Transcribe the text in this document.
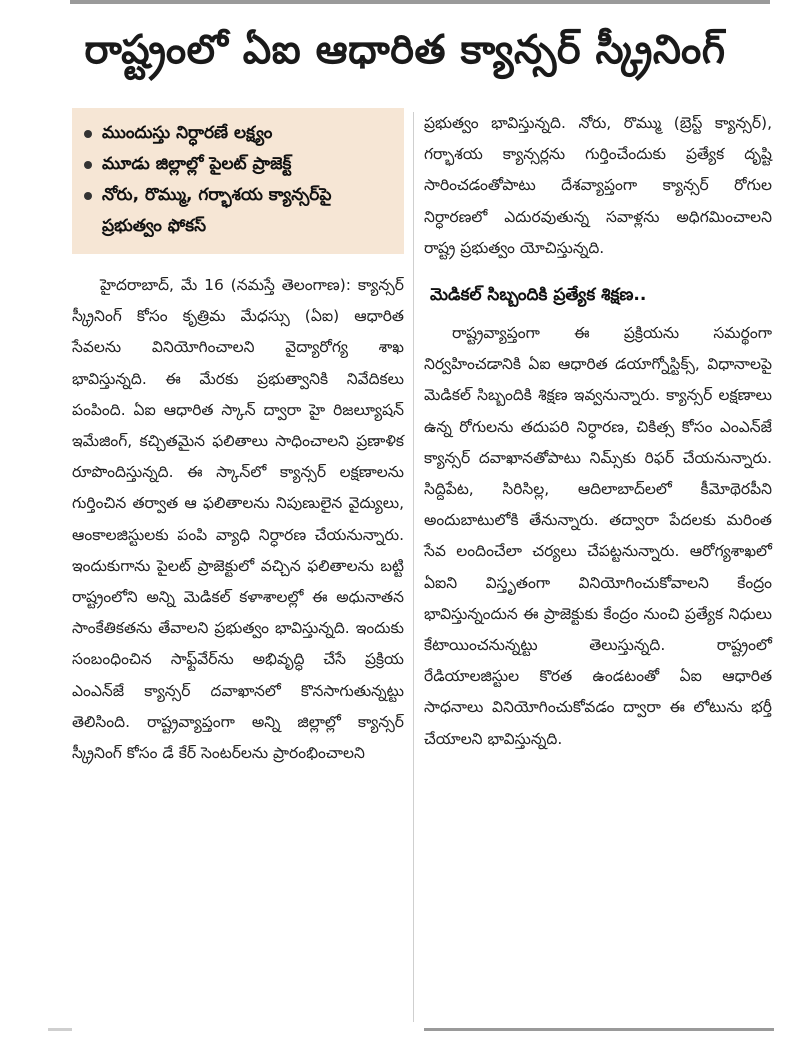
రాష్ట్రంలో ఏఐ ఆధారిత క్యాన్సర్ స్క్రీనింగ్
ముందుస్తు నిర్ధారణే లక్ష్యం
మూడు జిల్లాల్లో పైలట్ ప్రాజెక్ట్
నోరు, రొమ్ము, గర్భాశయ క్యాన్సర్‌పై ప్రభుత్వం ఫోకస్

హైదరాబాద్, మే 16 (నమస్తే తెలంగాణ): క్యాన్సర్ స్క్రీనింగ్ కోసం కృత్రిమ మేధస్సు (ఏఐ) ఆధారిత సేవలను వినియోగించాలని వైద్యారోగ్య శాఖ భావిస్తున్నది. ఈ మేరకు ప్రభుత్వానికి నివేదికలు పంపింది. ఏఐ ఆధారిత స్కాన్ ద్వారా హై రిజల్యూషన్ ఇమేజింగ్, కచ్చితమైన ఫలితాలు సాధించాలని ప్రణాళిక రూపొందిస్తున్నది. ఈ స్కాన్‌లో క్యాన్సర్ లక్షణాలను గుర్తించిన తర్వాత ఆ ఫలితాలను నిపుణులైన వైద్యులు, ఆంకాలజిస్టులకు పంపి వ్యాధి నిర్ధారణ చేయనున్నారు. ఇందుకుగాను పైలట్ ప్రాజెక్టులో వచ్చిన ఫలితాలను బట్టి రాష్ట్రంలోని అన్ని మెడికల్ కళాశాలల్లో ఈ అధునాతన సాంకేతికతను తేవాలని ప్రభుత్వం భావిస్తున్నది. ఇందుకు సంబంధించిన సాఫ్ట్‌వేర్‌ను అభివృద్ధి చేసే ప్రక్రియ ఎంఎన్‌జే క్యాన్సర్ దవాఖానలో కొనసాగుతున్నట్టు తెలిసింది. రాష్ట్రవ్యాప్తంగా అన్ని జిల్లాల్లో క్యాన్సర్ స్క్రీనింగ్ కోసం డే కేర్ సెంటర్‌లను ప్రారంభించాలని

ప్రభుత్వం భావిస్తున్నది. నోరు, రొమ్ము (బ్రెస్ట్ క్యాన్సర్), గర్భాశయ క్యాన్సర్లను గుర్తించేందుకు ప్రత్యేక దృష్టి సారించడంతోపాటు దేశవ్యాప్తంగా క్యాన్సర్ రోగుల నిర్ధారణలో ఎదురవుతున్న సవాళ్లను అధిగమించాలని రాష్ట్ర ప్రభుత్వం యోచిస్తున్నది.

మెడికల్ సిబ్బందికి ప్రత్యేక శిక్షణ..

రాష్ట్రవ్యాప్తంగా ఈ ప్రక్రియను సమర్థంగా నిర్వహించడానికి ఏఐ ఆధారిత డయాగ్నోస్టిక్స్, విధానాలపై మెడికల్ సిబ్బందికి శిక్షణ ఇవ్వనున్నారు. క్యాన్సర్ లక్షణాలు ఉన్న రోగులను తదుపరి నిర్ధారణ, చికిత్స కోసం ఎంఎన్‌జే క్యాన్సర్ దవాఖానతోపాటు నిమ్స్‌కు రిఫర్ చేయనున్నారు. సిద్దిపేట, సిరిసిల్ల, ఆదిలాబాద్‌లలో కీమోథెరపీని అందుబాటులోకి తేనున్నారు. తద్వారా పేదలకు మరింత సేవ లందించేలా చర్యలు చేపట్టనున్నారు. ఆరోగ్యశాఖలో ఏఐని విస్తృతంగా వినియోగించుకోవాలని కేంద్రం భావిస్తున్నందున ఈ ప్రాజెక్టుకు కేంద్రం నుంచి ప్రత్యేక నిధులు కేటాయించనున్నట్టు తెలుస్తున్నది. రాష్ట్రంలో రేడియాలజిస్టుల కొరత ఉండటంతో ఏఐ ఆధారిత సాధనాలు వినియోగించుకోవడం ద్వారా ఈ లోటును భర్తీ చేయాలని భావిస్తున్నది.
